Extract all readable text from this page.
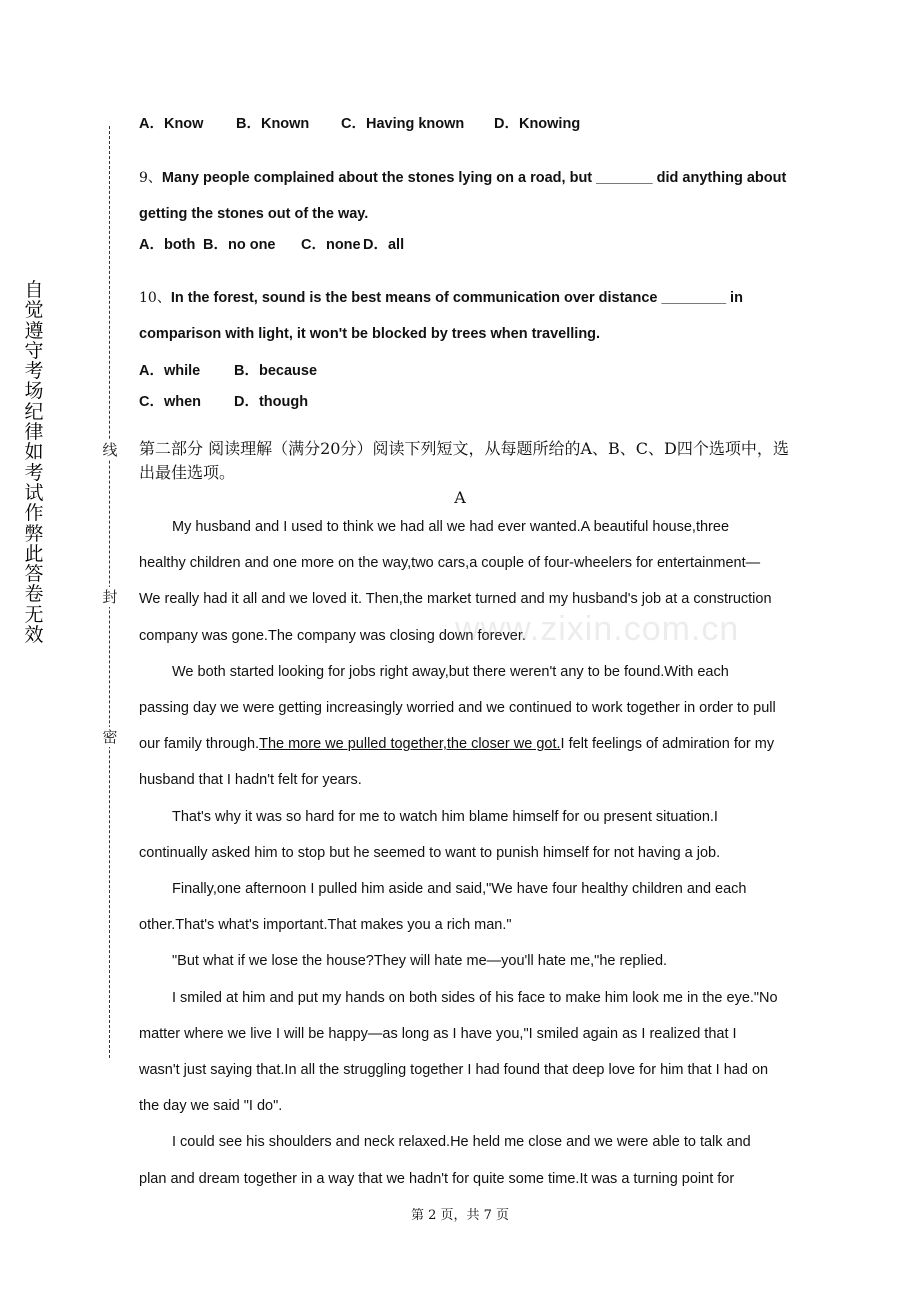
自觉遵守考场纪律如考试作弊此答卷无效
线
封
密
A．Know B．Known C．Having known D．Knowing
9、Many people complained about the stones lying on a road, but _______ did anything about getting the stones out of the way.
A．both B．no one C．none D．all
10、In the forest, sound is the best means of communication over distance ________ in comparison with light, it won't be blocked by trees when travelling.
A．while B．because
C．when D．though
第二部分 阅读理解（满分20分）阅读下列短文，从每题所给的A、B、C、D四个选项中，选出最佳选项。
A

My husband and I used to think we had all we had ever wanted.A beautiful house,three healthy children and one more on the way,two cars,a couple of four-wheelers for entertainment—We really had it all and we loved it. Then,the market turned and my husband's job at a construction company was gone.The company was closing down forever.

We both started looking for jobs right away,but there weren't any to be found.With each passing day we were getting increasingly worried and we continued to work together in order to pull our family through.The more we pulled together,the closer we got.I felt feelings of admiration for my husband that I hadn't felt for years.

That's why it was so hard for me to watch him blame himself for ou present situation.I continually asked him to stop but he seemed to want to punish himself for not having a job.

Finally,one afternoon I pulled him aside and said,"We have four healthy children and each other.That's what's important.That makes you a rich man."

"But what if we lose the house?They will hate me—you'll hate me,"he replied.

I smiled at him and put my hands on both sides of his face to make him look me in the eye."No matter where we live I will be happy—as long as I have you,"I smiled again as I realized that I wasn't just saying that.In all the struggling together I had found that deep love for him that I had on the day we said "I do".

I could see his shoulders and neck relaxed.He held me close and we were able to talk and plan and dream together in a way that we hadn't for quite some time.It was a turning point for

www.zixin.com.cn
第 2 页，共 7 页
